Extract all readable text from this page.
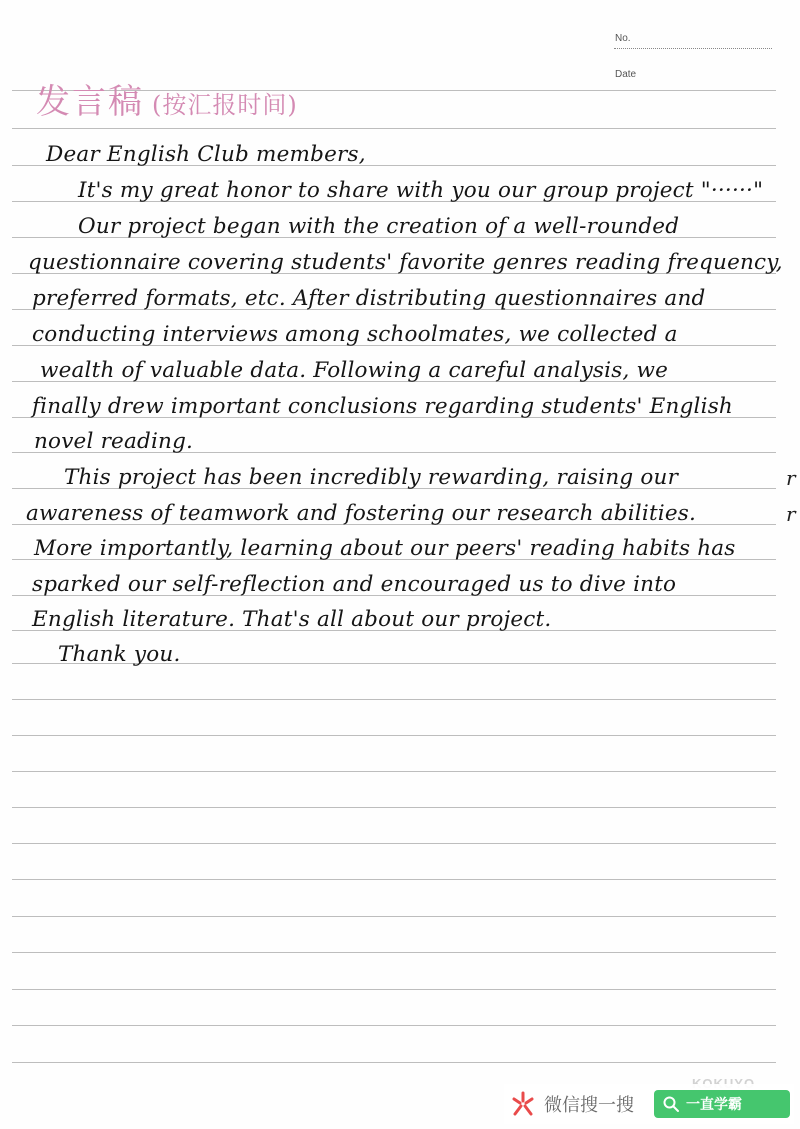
No.
Date
发言稿 (按汇报时间)
Dear English Club members,
It's my great honor to share with you our group project "······"
Our project began with the creation of a well-rounded
questionnaire covering students' favorite genres reading frequency,
preferred formats, etc. After distributing questionnaires and
conducting interviews among schoolmates, we collected a
wealth of valuable data. Following a careful analysis, we
finally drew important conclusions regarding students' English
novel reading.
This project has been incredibly rewarding, raising our
awareness of teamwork and fostering our research abilities.
More importantly, learning about our peers' reading habits has
sparked our self-reflection and encouraged us to dive into
English literature. That's all about our project.
Thank you.
r
r
微信搜一搜	一直学霸
